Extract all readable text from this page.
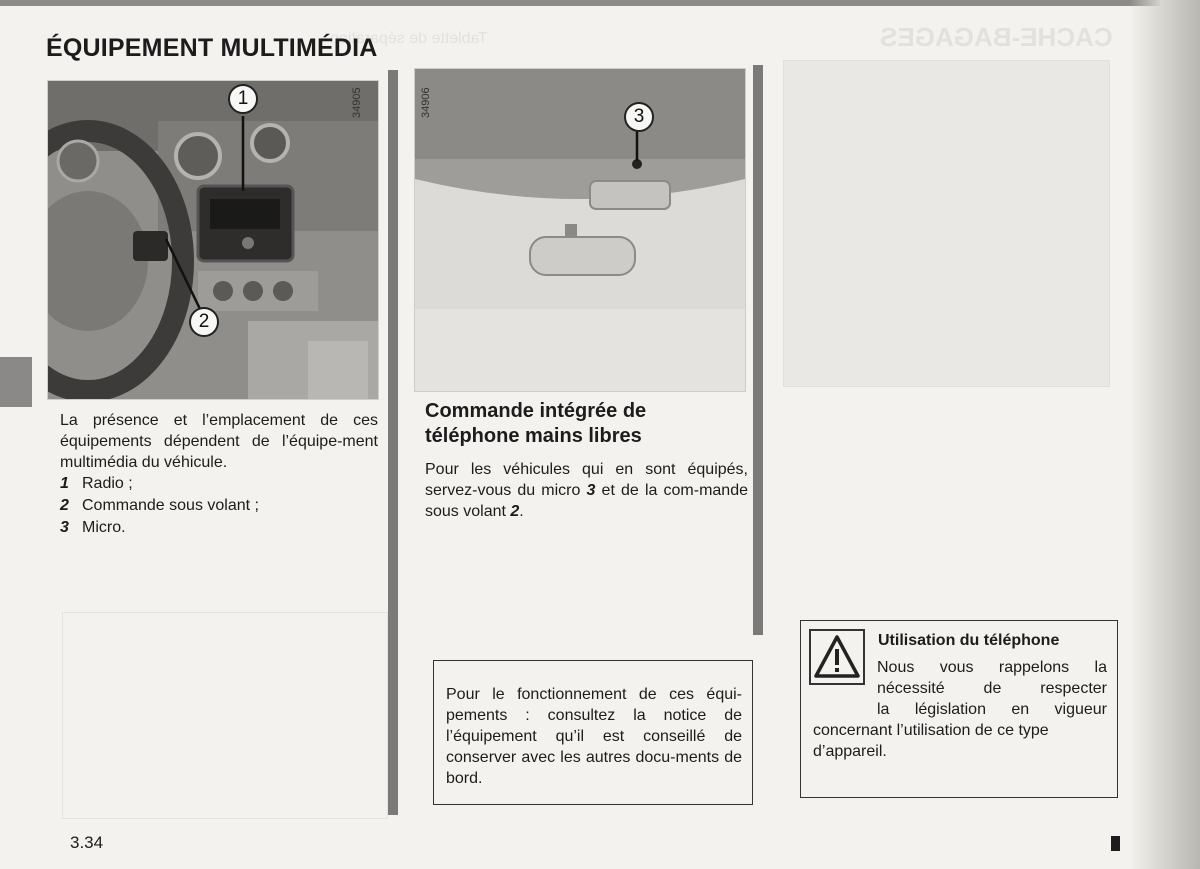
CACHE-BAGAGES
Tablette de séparation
ÉQUIPEMENT MULTIMÉDIA
1
2
34905	3
34906

La présence et l’emplacement de ces équipements dépendent de l’équipe-ment multimédia du véhicule.

1 Radio ;
2 Commande sous volant ;
3 Micro.
Commande intégrée de téléphone mains libres

Pour les véhicules qui en sont équipés, servez-vous du micro 3 et de la com-mande sous volant 2.

Pour le fonctionnement de ces équi-pements : consultez la notice de l’équipement qu’il est conseillé de conserver avec les autres docu-ments de bord.

Utilisation du téléphone

Nous vous rappelons la
nécessité de respecter
la législation en vigueur
concernant l’utilisation de ce type d’appareil.

3.34
